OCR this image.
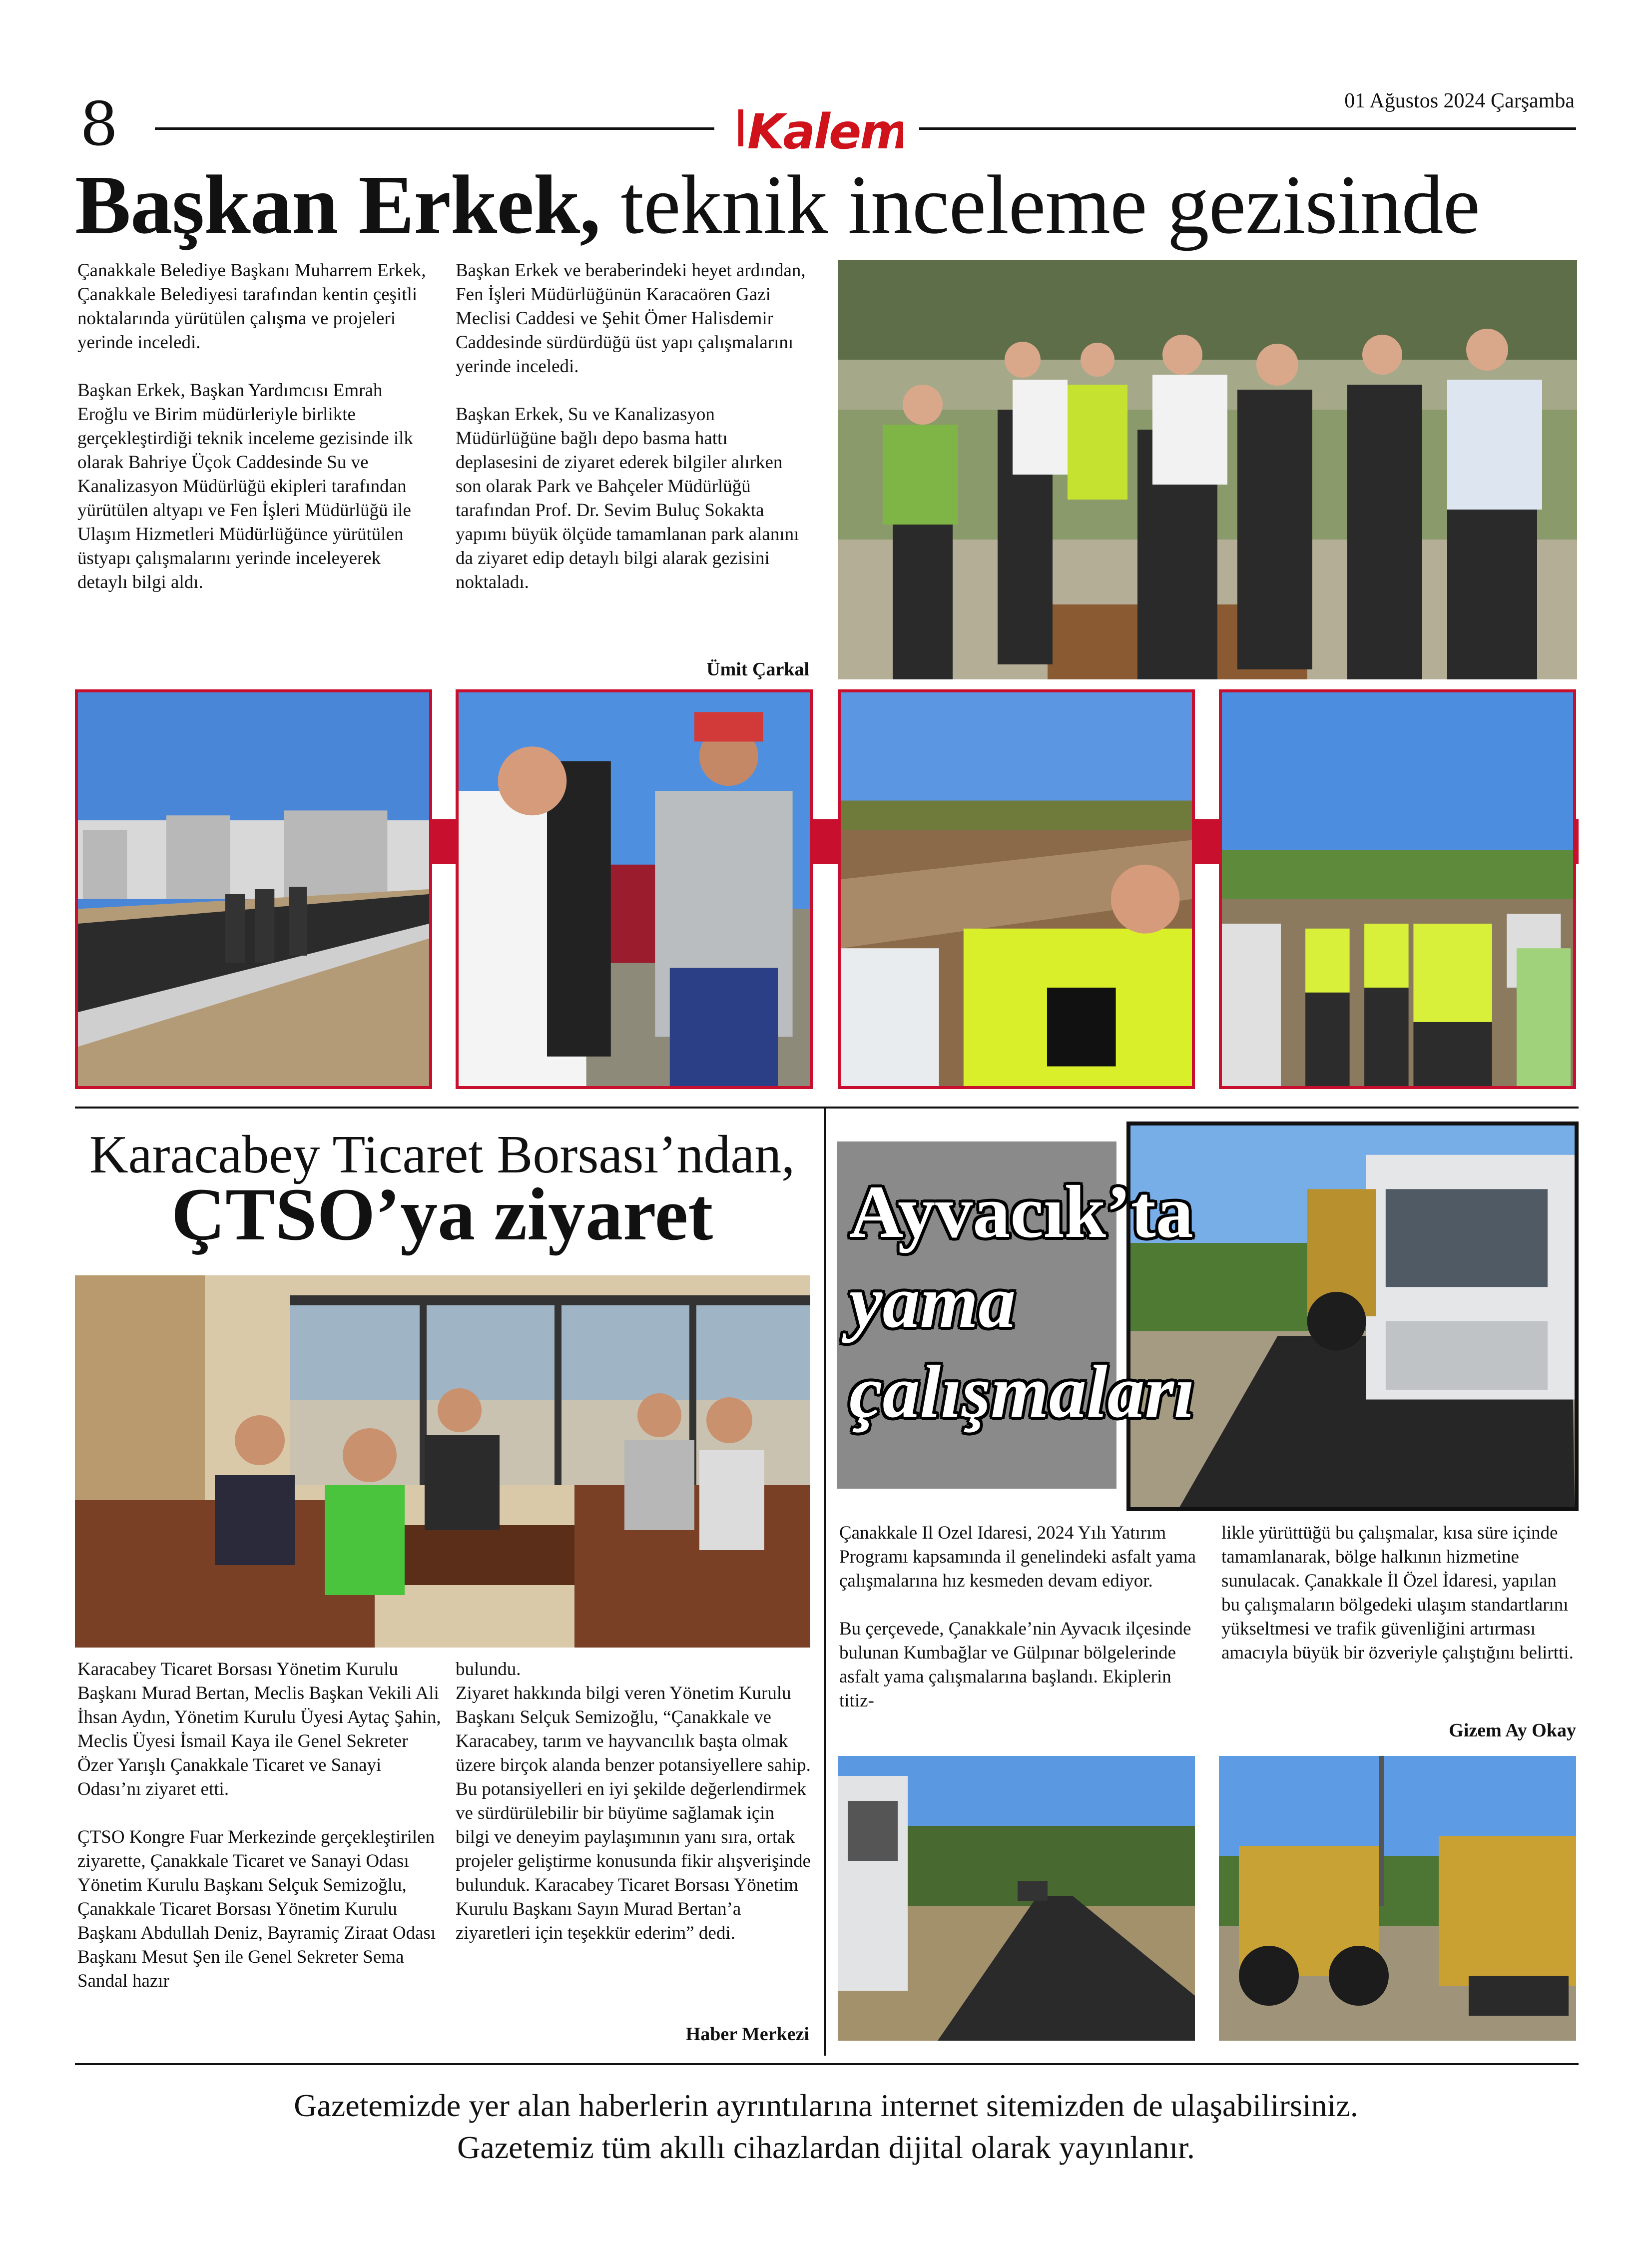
8	Kalem
01 Ağustos 2024 Çarşamba
Başkan Erkek, teknik inceleme gezisinde

Çanakkale Belediye Başkanı Muharrem Erkek, Çanakkale Belediyesi tarafından kentin çeşitli noktalarında yürütülen çalışma ve projeleri yerinde inceledi.

Başkan Erkek, Başkan Yardımcısı Emrah Eroğlu ve Birim müdürleriyle birlikte gerçekleştirdiği teknik inceleme gezisinde ilk olarak Bahriye Üçok Caddesinde Su ve Kanalizasyon Müdürlüğü ekipleri tarafından yürütülen altyapı ve Fen İşleri Müdürlüğü ile Ulaşım Hizmetleri Müdürlüğünce yürütülen üstyapı çalışmalarını yerinde inceleyerek detaylı bilgi aldı.

Başkan Erkek ve beraberindeki heyet ardından, Fen İşleri Müdürlüğünün Karacaören Gazi Meclisi Caddesi ve Şehit Ömer Halisdemir Caddesinde sürdürdüğü üst yapı çalışmalarını yerinde inceledi.

Başkan Erkek, Su ve Kanalizasyon Müdürlüğüne bağlı depo basma hattı deplasesini de ziyaret ederek bilgiler alırken son olarak Park ve Bahçeler Müdürlüğü tarafından Prof. Dr. Sevim Buluç Sokakta yapımı büyük ölçüde tamamlanan park alanını da ziyaret edip detaylı bilgi alarak gezisini noktaladı.

Ümit Çarkal
Karacabey Ticaret Borsası’ndan,
ÇTSO’ya ziyaret

Karacabey Ticaret Borsası Yönetim Kurulu Başkanı Murad Bertan, Meclis Başkan Vekili Ali İhsan Aydın, Yönetim Kurulu Üyesi Aytaç Şahin, Meclis Üyesi İsmail Kaya ile Genel Sekreter Özer Yarışlı Çanakkale Ticaret ve Sanayi Odası’nı ziyaret etti.

ÇTSO Kongre Fuar Merkezinde gerçekleştirilen ziyarette, Çanakkale Ticaret ve Sanayi Odası Yönetim Kurulu Başkanı Selçuk Semizoğlu, Çanakkale Ticaret Borsası Yönetim Kurulu Başkanı Abdullah Deniz, Bayramiç Ziraat Odası Başkanı Mesut Şen ile Genel Sekreter Sema Sandal hazır

bulundu.

Ziyaret hakkında bilgi veren Yönetim Kurulu Başkanı Selçuk Semizoğlu, “Çanakkale ve Karacabey, tarım ve hayvancılık başta olmak üzere birçok alanda benzer potansiyellere sahip. Bu potansiyelleri en iyi şekilde değerlendirmek ve sürdürülebilir bir büyüme sağlamak için bilgi ve deneyim paylaşımının yanı sıra, ortak projeler geliştirme konusunda fikir alışverişinde bulunduk. Karacabey Ticaret Borsası Yönetim Kurulu Başkanı Sayın Murad Bertan’a ziyaretleri için teşekkür ederim” dedi.

Haber Merkezi
Ayvacık’ta
yama
çalışmaları

Çanakkale Il Ozel Idaresi, 2024 Yılı Yatırım Programı kapsamında il genelindeki asfalt yama çalışmalarına hız kesmeden devam ediyor.

Bu çerçevede, Çanakkale’nin Ayvacık ilçesinde bulunan Kumbağlar ve Gülpınar bölgelerinde asfalt yama çalışmalarına başlandı. Ekiplerin titiz-

likle yürüttüğü bu çalışmalar, kısa süre içinde tamamlanarak, bölge halkının hizmetine sunulacak. Çanakkale İl Özel İdaresi, yapılan bu çalışmaların bölgedeki ulaşım standartlarını yükseltmesi ve trafik güvenliğini artırması amacıyla büyük bir özveriyle çalıştığını belirtti.

Gizem Ay Okay
Gazetemizde yer alan haberlerin ayrıntılarına internet sitemizden de ulaşabilirsiniz.
Gazetemiz tüm akıllı cihazlardan dijital olarak yayınlanır.
